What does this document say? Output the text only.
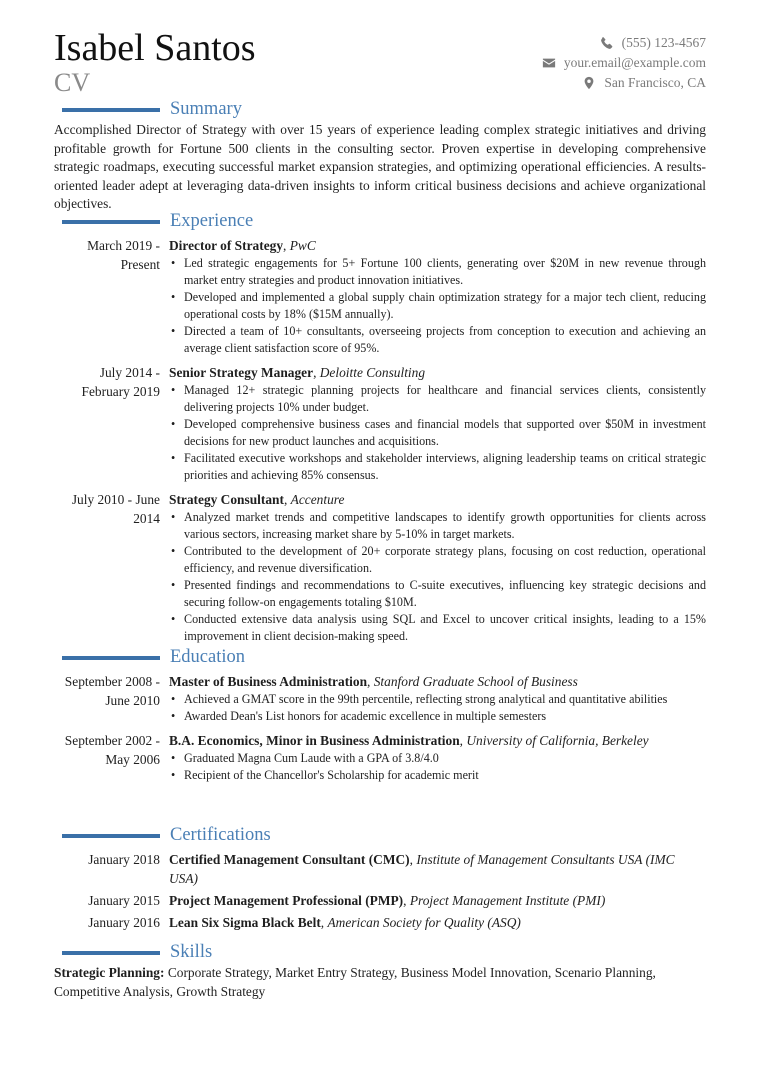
Isabel Santos
CV
(555) 123-4567
your.email@example.com
San Francisco, CA
Summary
Accomplished Director of Strategy with over 15 years of experience leading complex strategic initiatives and driving profitable growth for Fortune 500 clients in the consulting sector. Proven expertise in developing comprehensive strategic roadmaps, executing successful market expansion strategies, and optimizing operational efficiencies. A results-oriented leader adept at leveraging data-driven insights to inform critical business decisions and achieve organizational objectives.
Experience
March 2019 - Present
Director of Strategy, PwC
• Led strategic engagements for 5+ Fortune 100 clients, generating over $20M in new revenue through market entry strategies and product innovation initiatives.
• Developed and implemented a global supply chain optimization strategy for a major tech client, reducing operational costs by 18% ($15M annually).
• Directed a team of 10+ consultants, overseeing projects from conception to execution and achieving an average client satisfaction score of 95%.
July 2014 - February 2019
Senior Strategy Manager, Deloitte Consulting
• Managed 12+ strategic planning projects for healthcare and financial services clients, consistently delivering projects 10% under budget.
• Developed comprehensive business cases and financial models that supported over $50M in investment decisions for new product launches and acquisitions.
• Facilitated executive workshops and stakeholder interviews, aligning leadership teams on critical strategic priorities and achieving 85% consensus.
July 2010 - June 2014
Strategy Consultant, Accenture
• Analyzed market trends and competitive landscapes to identify growth opportunities for clients across various sectors, increasing market share by 5-10% in target markets.
• Contributed to the development of 20+ corporate strategy plans, focusing on cost reduction, operational efficiency, and revenue diversification.
• Presented findings and recommendations to C-suite executives, influencing key strategic decisions and securing follow-on engagements totaling $10M.
• Conducted extensive data analysis using SQL and Excel to uncover critical insights, leading to a 15% improvement in client decision-making speed.
Education
September 2008 - June 2010
Master of Business Administration, Stanford Graduate School of Business
• Achieved a GMAT score in the 99th percentile, reflecting strong analytical and quantitative abilities
• Awarded Dean's List honors for academic excellence in multiple semesters
September 2002 - May 2006
B.A. Economics, Minor in Business Administration, University of California, Berkeley
• Graduated Magna Cum Laude with a GPA of 3.8/4.0
• Recipient of the Chancellor's Scholarship for academic merit
Certifications
January 2018 Certified Management Consultant (CMC), Institute of Management Consultants USA (IMC USA)
January 2015 Project Management Professional (PMP), Project Management Institute (PMI)
January 2016 Lean Six Sigma Black Belt, American Society for Quality (ASQ)
Skills
Strategic Planning: Corporate Strategy, Market Entry Strategy, Business Model Innovation, Scenario Planning, Competitive Analysis, Growth Strategy
